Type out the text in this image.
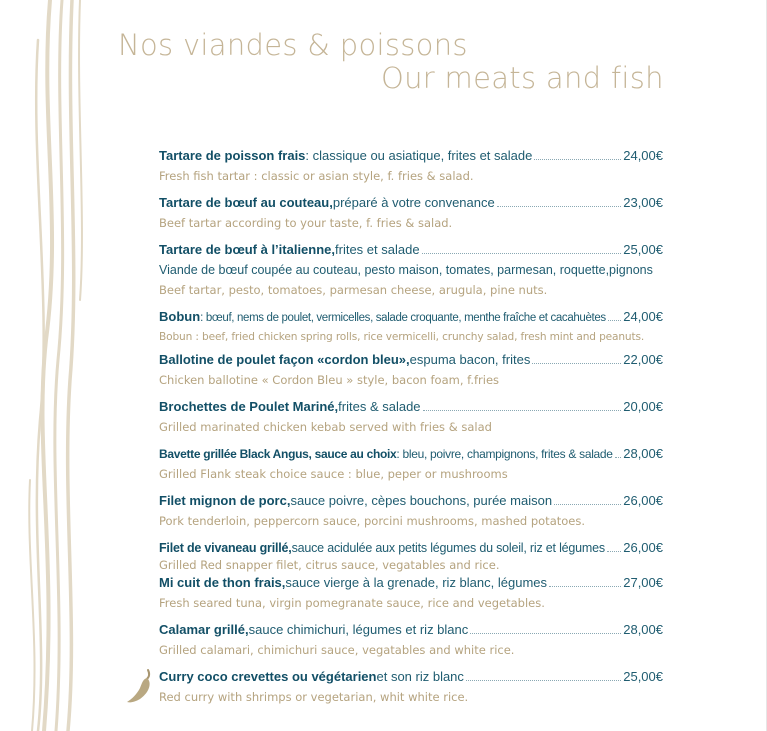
Nos viandes & poissons
Our meats and fish
Tartare de poisson frais : classique ou asiatique, frites et salade	24,00€
Fresh fish tartar : classic or asian style, f. fries & salad.
Tartare de bœuf au couteau, préparé à votre convenance	23,00€
Beef tartar according to your taste, f. fries & salad.
Tartare de bœuf à l’italienne, frites et salade	25,00€
Viande de bœuf coupée au couteau, pesto maison, tomates, parmesan, roquette,pignons
Beef tartar, pesto, tomatoes, parmesan cheese, arugula, pine nuts.
Bobun : bœuf, nems de poulet, vermicelles, salade croquante, menthe fraîche et cacahuètes 24,00€
Bobun : beef, fried chicken spring rolls, rice vermicelli, crunchy salad, fresh mint and peanuts.
Ballotine de poulet façon «cordon bleu», espuma bacon, frites	22,00€
Chicken ballotine « Cordon Bleu » style, bacon foam, f.fries
Brochettes de Poulet Mariné, frites & salade	20,00€
Grilled marinated chicken kebab served with fries & salad
Bavette grillée Black Angus, sauce au choix : bleu, poivre, champignons, frites & salade 28,00€
Grilled Flank steak choice sauce : blue, peper or mushrooms
Filet mignon de porc, sauce poivre, cèpes bouchons, purée maison	26,00€
Pork tenderloin, peppercorn sauce, porcini mushrooms, mashed potatoes.
Filet de vivaneau grillé, sauce acidulée aux petits légumes du soleil, riz et légumes 26,00€
Grilled Red snapper filet, citrus sauce, vegatables and rice.
Mi cuit de thon frais, sauce vierge à la grenade, riz blanc, légumes	27,00€
Fresh seared tuna, virgin pomegranate sauce, rice and vegetables.
Calamar grillé, sauce chimichuri, légumes et riz blanc	28,00€
Grilled calamari, chimichuri sauce, vegatables and white rice.
Curry coco crevettes ou végétarien et son riz blanc	25,00€
Red curry with shrimps or vegetarian, whit white rice.
